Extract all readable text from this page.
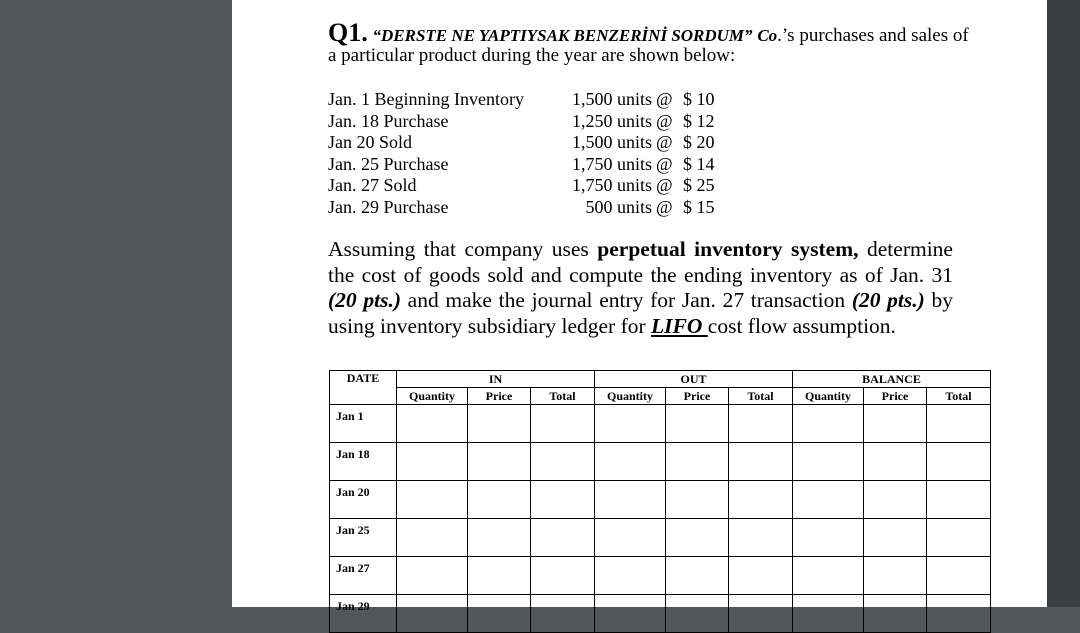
Q1. “DERSTE NE YAPTIYSAK BENZERİNİ SORDUM” Co.’s purchases and sales of
a particular product during the year are shown below:
Jan. 1 Beginning Inventory	1,500 units @ $ 10
Jan. 18 Purchase	1,250 units @ $ 12
Jan 20 Sold	1,500 units @ $ 20
Jan. 25 Purchase	1,750 units @ $ 14
Jan. 27 Sold	1,750 units @ $ 25
Jan. 29 Purchase	500 units @ $ 15
Assuming that company uses perpetual inventory system, determine the cost of goods sold and compute the ending inventory as of Jan. 31 (20 pts.) and make the journal entry for Jan. 27 transaction (20 pts.) by using inventory subsidiary ledger for LIFO cost flow assumption.
DATE	IN			OUT			BALANCE		
	Quantity	Price	Total	Quantity	Price	Total	Quantity	Price	Total
Jan 1									
Jan 18									
Jan 20									
Jan 25									
Jan 27									
Jan 29									
